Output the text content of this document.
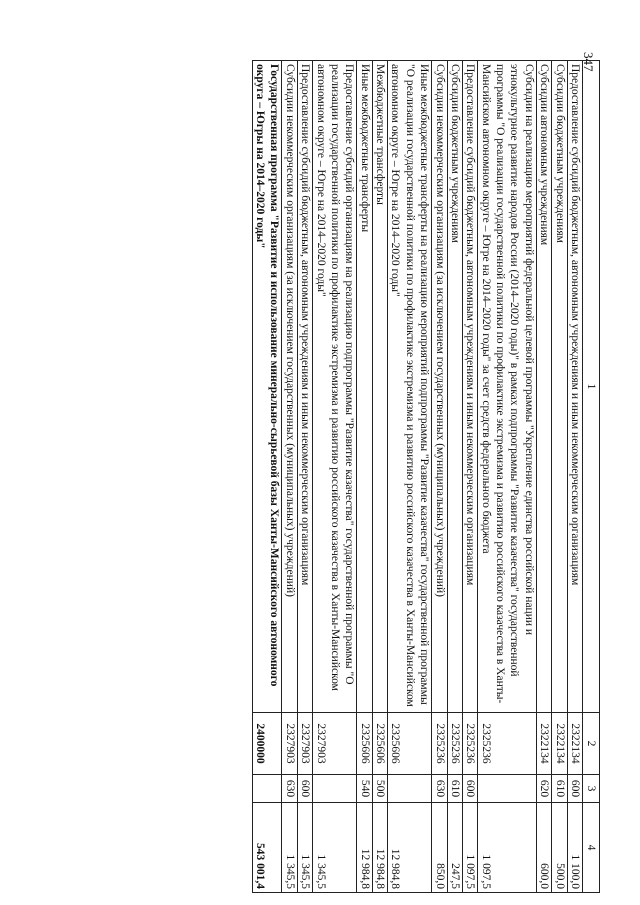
347
1	2	3	4
Предоставление субсидий бюджетным, автономным учреждениям и иным некоммерческим организациям	2322134	600	1 100,0
Субсидии бюджетным учреждениям	2322134	610	500,0
Субсидии автономным учреждениям	2322134	620	600,0
Субсидии на реализацию мероприятий федеральной целевой программы "Укрепление единства российской нации и этнокультурное развитие народов России (2014–2020 годы)" в рамках подпрограммы "Развитие казачества" государственной программы "О реализации государственной политики по профилактике экстремизма и развитию российского казачества в Ханты-Мансийском автономном округе – Югре на 2014–2020 годы" за счет средств федерального бюджета	2325236		1 097,5
Предоставление субсидий бюджетным, автономным учреждениям и иным некоммерческим организациям	2325236	600	1 097,5
Субсидии бюджетным учреждениям	2325236	610	247,5
Субсидии некоммерческим организациям (за исключением государственных (муниципальных) учреждений)	2325236	630	850,0
Иные межбюджетные трансферты на реализацию мероприятий подпрограммы "Развитие казачества" государственной программы "О реализации государственной политики по профилактике экстремизма и развитию российского казачества в Ханты-Мансийском автономном округе – Югре на 2014–2020 годы"	2325606		12 984,8
Межбюджетные трансферты	2325606	500	12 984,8
Иные межбюджетные трансферты	2325606	540	12 984,8
Предоставление субсидий организациям на реализацию подпрограммы "Развитие казачества" государственной программы "О реализации государственной политики по профилактике экстремизма и развитию российского казачества в Ханты-Мансийском автономном округе – Югре на 2014–2020 годы"	2327903		1 345,5
Предоставление субсидий бюджетным, автономным учреждениям и иным некоммерческим организациям	2327903	600	1 345,5
Субсидии некоммерческим организациям (за исключением государственных (муниципальных) учреждений)	2327903	630	1 345,5
Государственная программа "Развитие и использование минерально-сырьевой базы Ханты-Мансийского автономного округа – Югры на 2014–2020 годы"	2400000		543 001,4
